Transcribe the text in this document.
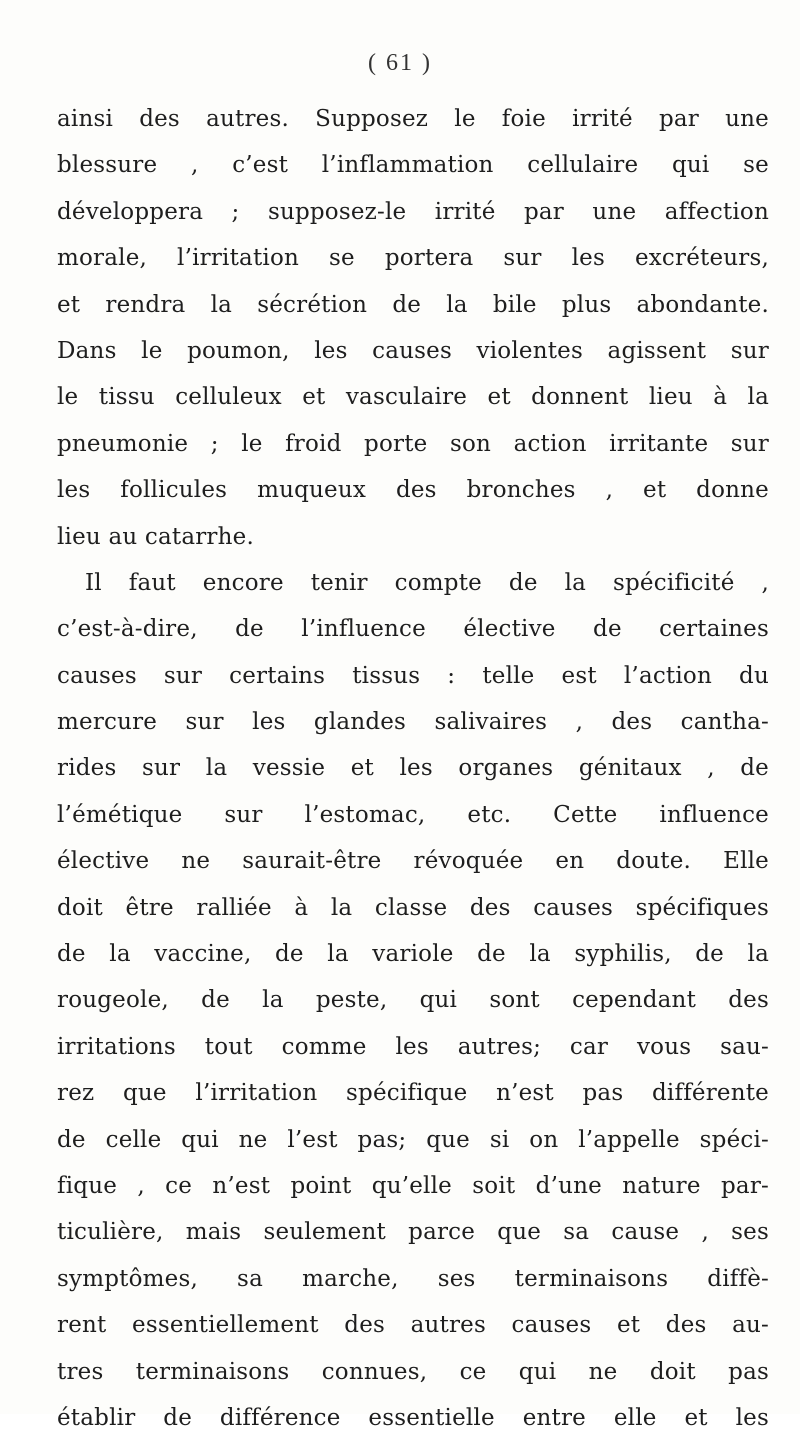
( 61 )
ainsi des autres. Supposez le foie irrité par une
blessure , c’est l’inflammation cellulaire qui se
développera ; supposez-le irrité par une affection
morale, l’irritation se portera sur les excréteurs,
et rendra la sécrétion de la bile plus abondante.
Dans le poumon, les causes violentes agissent sur
le tissu celluleux et vasculaire et donnent lieu à la
pneumonie ; le froid porte son action irritante sur
les follicules muqueux des bronches , et donne
lieu au catarrhe.
Il faut encore tenir compte de la spécificité ,
c’est-à-dire, de l’influence élective de certaines
causes sur certains tissus : telle est l’action du
mercure sur les glandes salivaires , des cantha-
rides sur la vessie et les organes génitaux , de
l’émétique sur l’estomac, etc. Cette influence
élective ne saurait-être révoquée en doute. Elle
doit être ralliée à la classe des causes spécifiques
de la vaccine, de la variole de la syphilis, de la
rougeole, de la peste, qui sont cependant des
irritations tout comme les autres; car vous sau-
rez que l’irritation spécifique n’est pas différente
de celle qui ne l’est pas; que si on l’appelle spéci-
fique , ce n’est point qu’elle soit d’une nature par-
ticulière, mais seulement parce que sa cause , ses
symptômes, sa marche, ses terminaisons diffè-
rent essentiellement des autres causes et des au-
tres terminaisons connues, ce qui ne doit pas
établir de différence essentielle entre elle et les
